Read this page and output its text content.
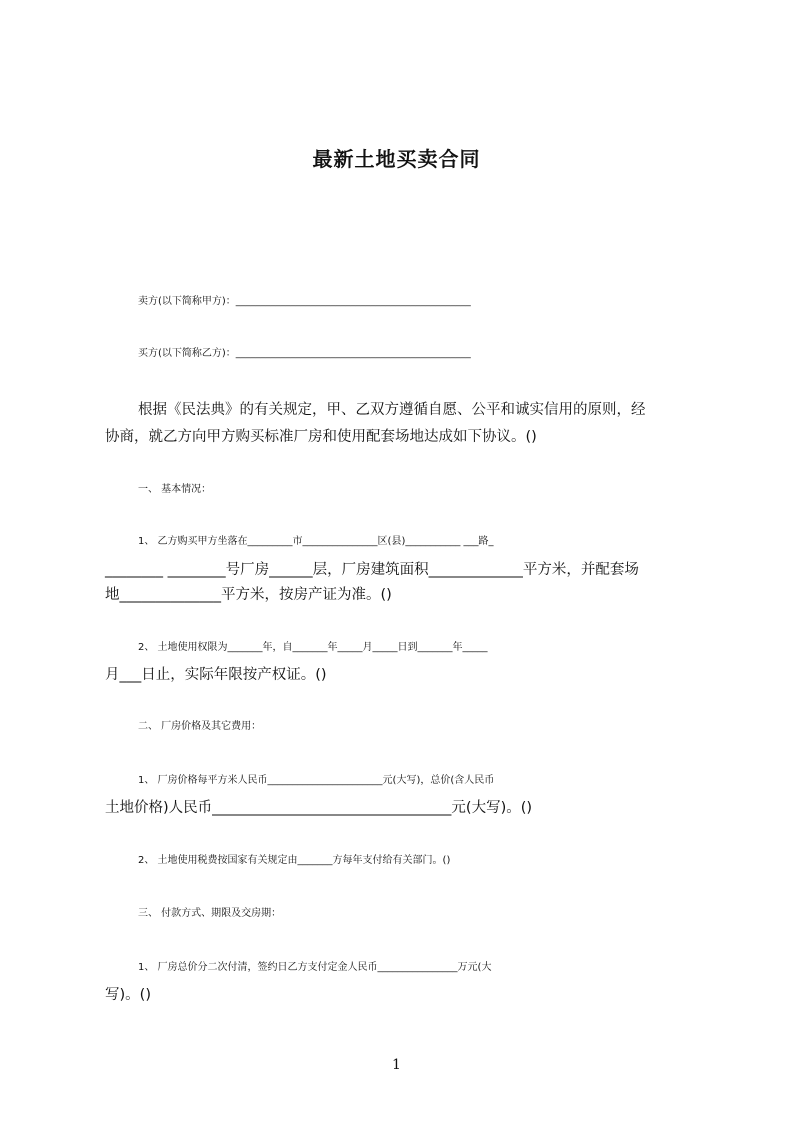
最新土地买卖合同
卖方(以下简称甲方)：_______________________________________________
买方(以下简称乙方)：_______________________________________________
根据《民法典》的有关规定，甲、乙双方遵循自愿、公平和诚实信用的原则，经
协商，就乙方向甲方购买标准厂房和使用配套场地达成如下协议。()
一、 基本情况：
1、 乙方购买甲方坐落在_________市_______________区(县)___________ ___路_
________ ________号厂房______层，厂房建筑面积_____________平方米，并配套场
地______________平方米，按房产证为准。()
2、 土地使用权限为_______年，自_______年_____月_____日到_______年_____
月___日止，实际年限按产权证。()
二、 厂房价格及其它费用：
1、 厂房价格每平方米人民币_______________________元(大写)，总价(含人民币
土地价格)人民币_________________________________元(大写)。()
2、 土地使用税费按国家有关规定由_______方每年支付给有关部门。()
三、 付款方式、期限及交房期：
1、 厂房总价分二次付清，签约日乙方支付定金人民币________________万元(大
写)。()
1
